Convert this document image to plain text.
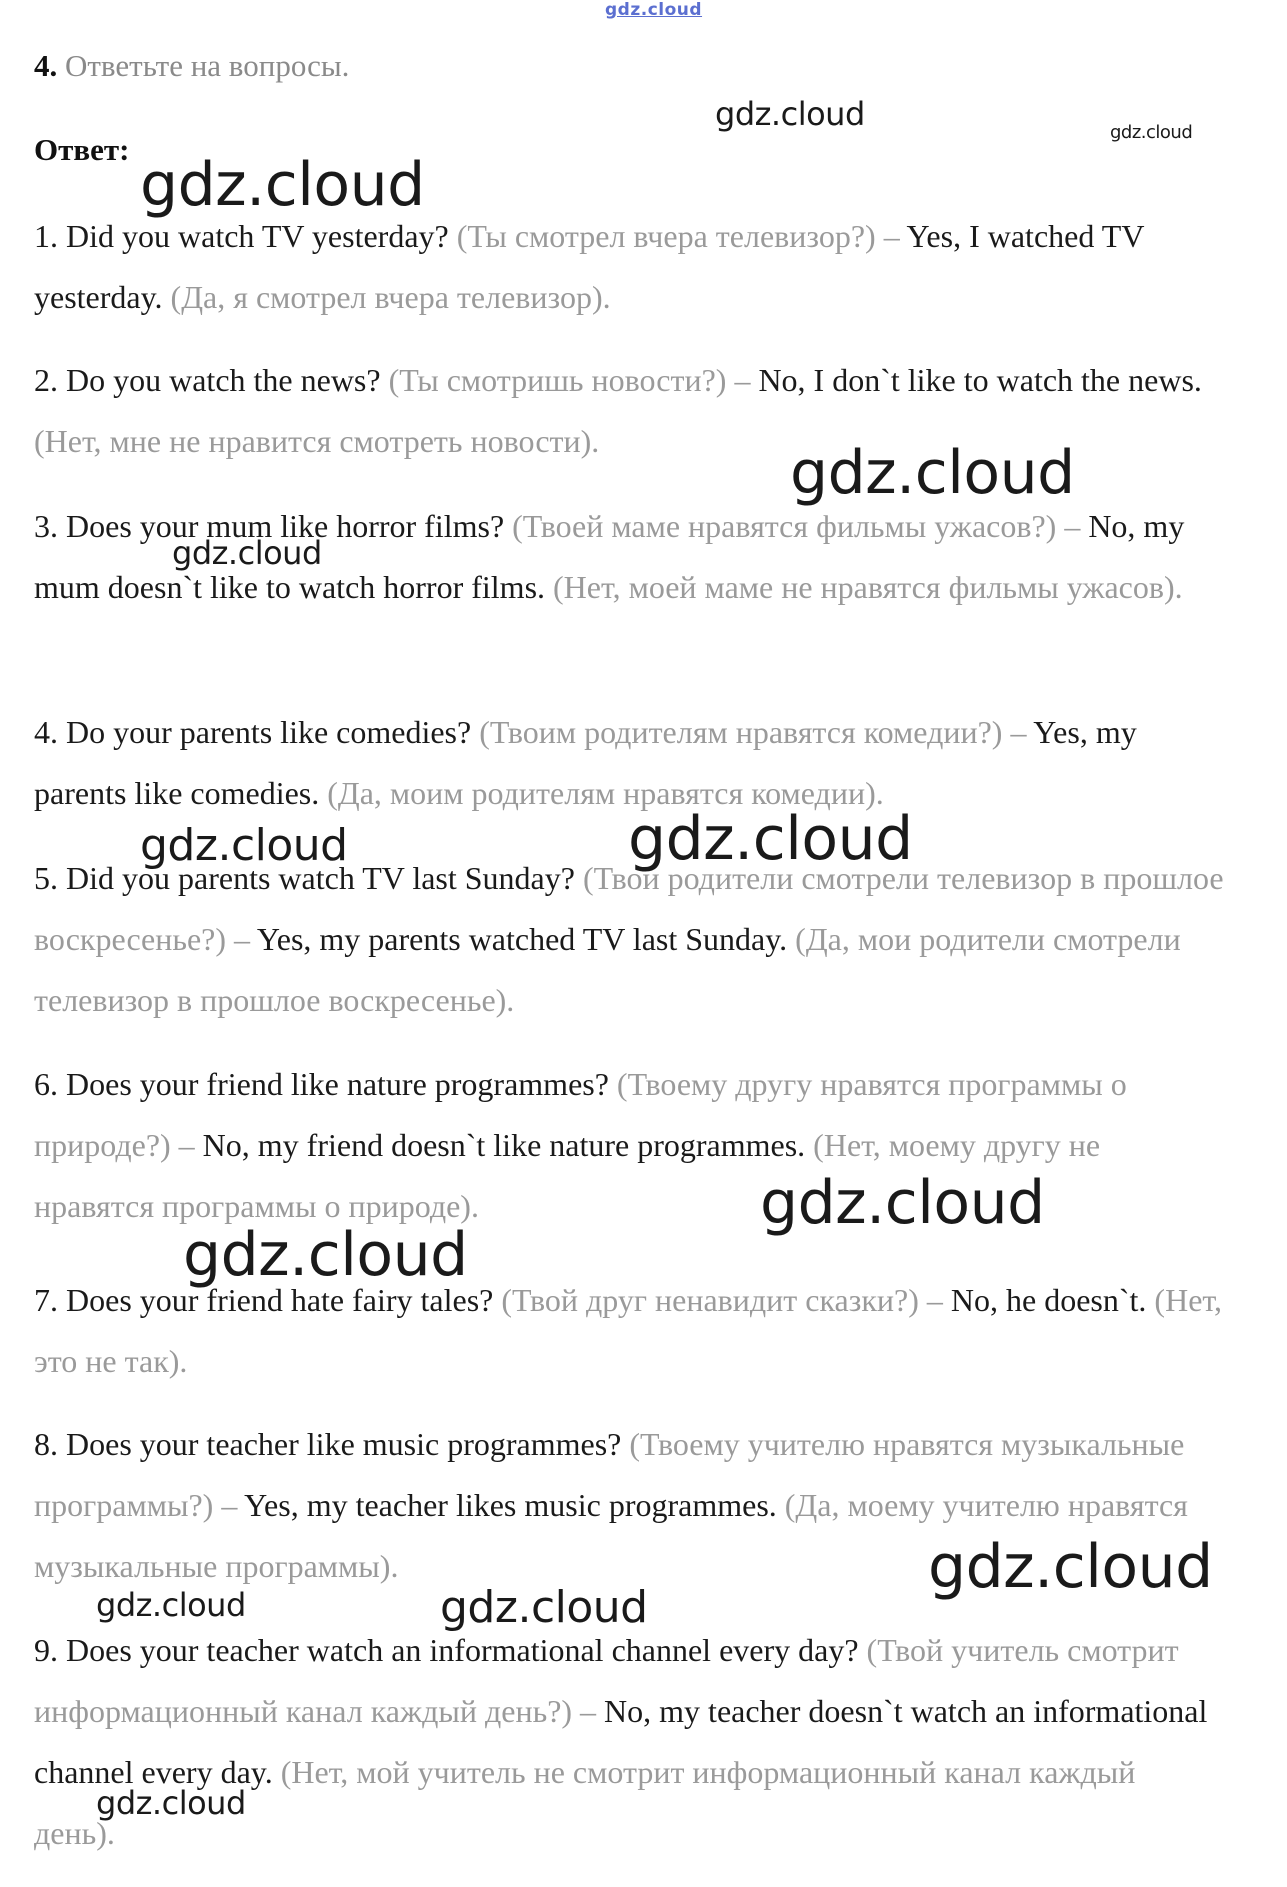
gdz.cloud
4. Ответьте на вопросы.
Ответ:

1. Did you watch TV yesterday? (Ты смотрел вчера телевизор?) – Yes, I watched TV yesterday. (Да, я смотрел вчера телевизор).

2. Do you watch the news? (Ты смотришь новости?) – No, I don`t like to watch the news. (Нет, мне не нравится смотреть новости).

3. Does your mum like horror films? (Твоей маме нравятся фильмы ужасов?) – No, my mum doesn`t like to watch horror films. (Нет, моей маме не нравятся фильмы ужасов).

4. Do your parents like comedies? (Твоим родителям нравятся комедии?) – Yes, my parents like comedies. (Да, моим родителям нравятся комедии).

5. Did you parents watch TV last Sunday? (Твои родители смотрели телевизор в прошлое воскресенье?) – Yes, my parents watched TV last Sunday. (Да, мои родители смотрели телевизор в прошлое воскресенье).

6. Does your friend like nature programmes? (Твоему другу нравятся программы о природе?) – No, my friend doesn`t like nature programmes. (Нет, моему другу не нравятся программы о природе).

7. Does your friend hate fairy tales? (Твой друг ненавидит сказки?) – No, he doesn`t. (Нет, это не так).

8. Does your teacher like music programmes? (Твоему учителю нравятся музыкальные программы?) – Yes, my teacher likes music programmes. (Да, моему учителю нравятся музыкальные программы).

9. Does your teacher watch an informational channel every day? (Твой учитель смотрит информационный канал каждый день?) – No, my teacher doesn`t watch an informational channel every day. (Нет, мой учитель не смотрит информационный канал каждый день).

gdz.cloud	gdz.cloud
gdz.cloud
gdz.cloud
gdz.cloud
gdz.cloud	gdz.cloud
gdz.cloud
gdz.cloud
gdz.cloud
gdz.cloud	gdz.cloud
gdz.cloud
